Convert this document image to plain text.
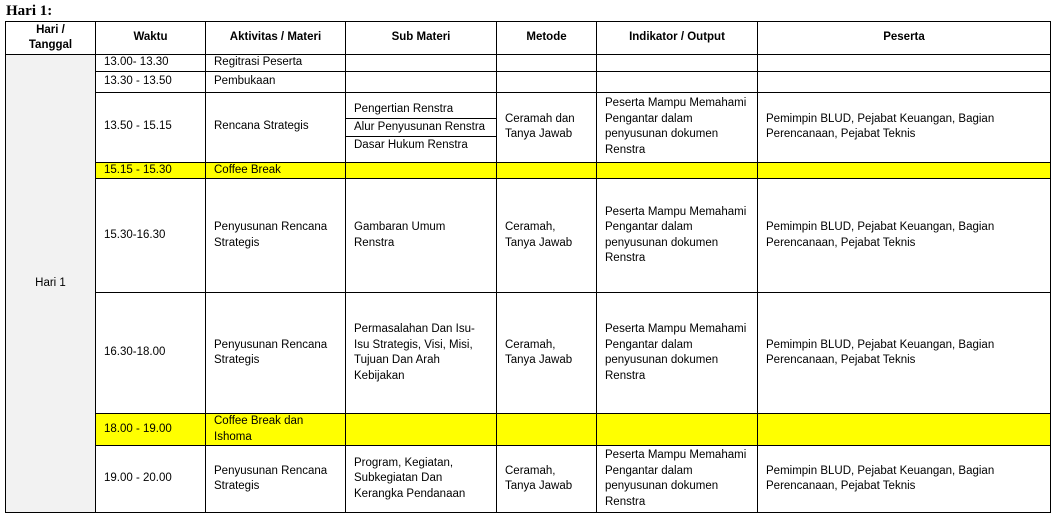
Hari 1:
Hari / Tanggal	Waktu	Aktivitas / Materi	Sub Materi	Metode	Indikator / Output	Peserta
Hari 1	13.00- 13.30	Regitrasi Peserta				
	13.30 - 13.50	Pembukaan				
	13.50 - 15.15	Rencana Strategis	Pengertian Renstra
Alur Penyusunan Renstra
Dasar Hukum Renstra	Ceramah dan Tanya Jawab	Peserta Mampu Memahami Pengantar dalam penyusunan dokumen Renstra	Pemimpin BLUD, Pejabat Keuangan, Bagian Perencanaan, Pejabat Teknis
	15.15 - 15.30	Coffee Break				
	15.30-16.30	Penyusunan Rencana Strategis	Gambaran Umum Renstra	Ceramah, Tanya Jawab	Peserta Mampu Memahami Pengantar dalam penyusunan dokumen Renstra	Pemimpin BLUD, Pejabat Keuangan, Bagian Perencanaan, Pejabat Teknis
	16.30-18.00	Penyusunan Rencana Strategis	Permasalahan Dan Isu-Isu Strategis, Visi, Misi, Tujuan Dan Arah Kebijakan	Ceramah, Tanya Jawab	Peserta Mampu Memahami Pengantar dalam penyusunan dokumen Renstra	Pemimpin BLUD, Pejabat Keuangan, Bagian Perencanaan, Pejabat Teknis
	18.00 - 19.00	Coffee Break dan Ishoma				
	19.00 - 20.00	Penyusunan Rencana Strategis	Program, Kegiatan, Subkegiatan Dan Kerangka Pendanaan	Ceramah, Tanya Jawab	Peserta Mampu Memahami Pengantar dalam penyusunan dokumen Renstra	Pemimpin BLUD, Pejabat Keuangan, Bagian Perencanaan, Pejabat Teknis
